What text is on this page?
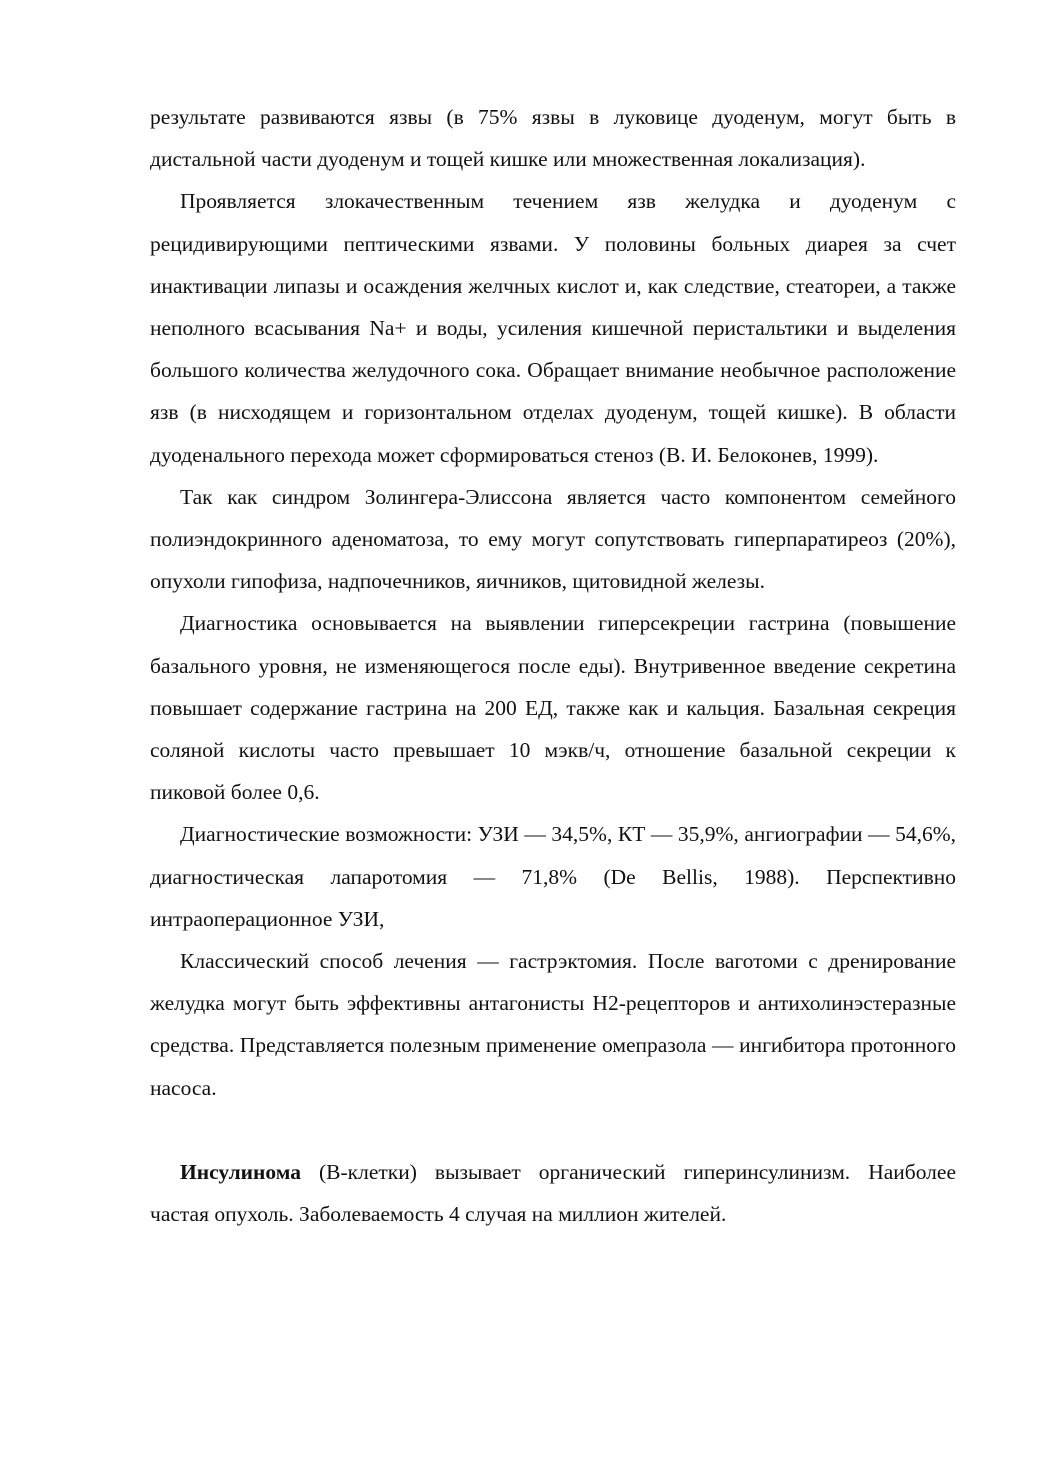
результате развиваются язвы (в 75% язвы в луковице дуоденум, могут быть в дистальной части дуоденум и тощей кишке или множественная локализация).

Проявляется злокачественным течением язв желудка и дуоденум с рецидивирующими пептическими язвами. У половины больных диарея за счет инактивации липазы и осаждения желчных кислот и, как следствие, стеатореи, а также неполного всасывания Na+ и воды, усиления кишечной перистальтики и выделения большого количества желудочного сока. Обращает внимание необычное расположение язв (в нисходящем и горизонтальном отделах дуоденум, тощей кишке). В области дуоденального перехода может сформироваться стеноз (В. И. Белоконев, 1999).

Так как синдром Золингера-Элиссона является часто компонентом семейного полиэндокринного аденоматоза, то ему могут сопутствовать гиперпаратиреоз (20%), опухоли гипофиза, надпочечников, яичников, щитовидной железы.

Диагностика основывается на выявлении гиперсекреции гастрина (повышение базального уровня, не изменяющегося после еды). Внутривенное введение секретина повышает содержание гастрина на 200 ЕД, также как и кальция. Базальная секреция соляной кислоты часто превышает 10 мэкв/ч, отношение базальной секреции к пиковой более 0,6.

Диагностические возможности: УЗИ — 34,5%, КТ — 35,9%, ангиографии — 54,6%, диагностическая лапаротомия — 71,8% (De Bellis, 1988). Перспективно интраоперационное УЗИ,

Классический способ лечения — гастрэктомия. После ваготоми с дренирование желудка могут быть эффективны антагонисты Н2-рецепторов и антихолинэстеразные средства. Представляется полезным применение омепразола — ингибитора протонного насоса.

Инсулинома (В-клетки) вызывает органический гиперинсулинизм. Наиболее частая опухоль. Заболеваемость 4 случая на миллион жителей.
